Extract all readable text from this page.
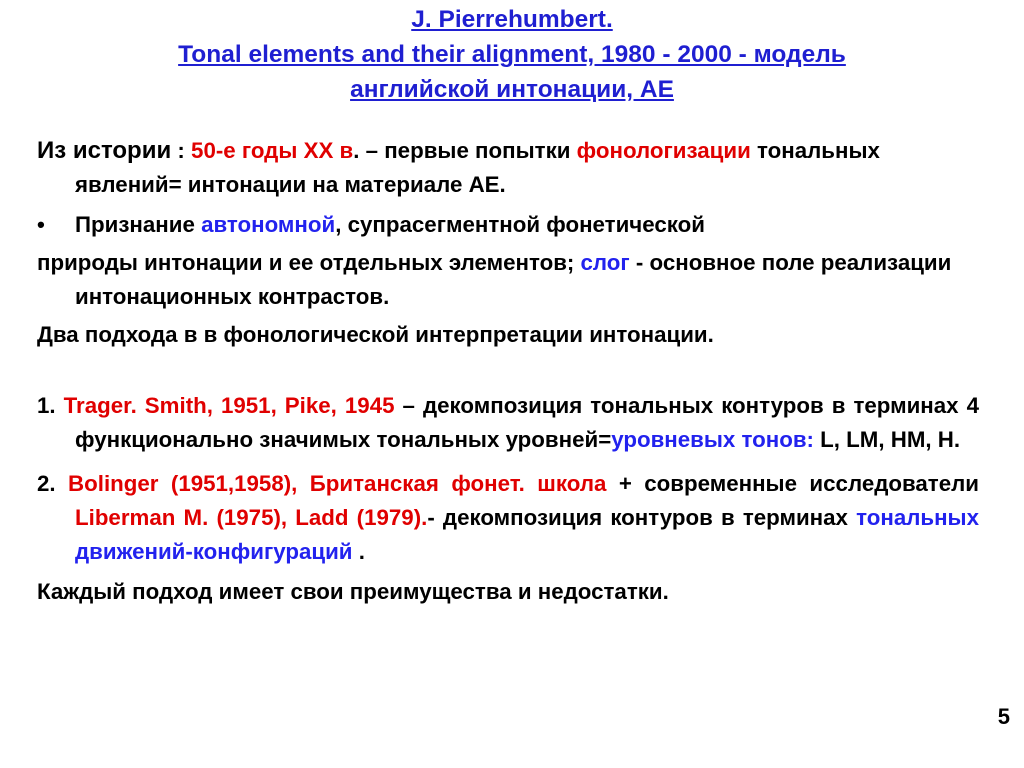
J. Pierrehumbert.
Tonal elements and their alignment, 1980 - 2000 - модель
английской интонации, АЕ

Из истории : 50-е годы XX в. – первые попытки фонологизации тональных явлений= интонации на материале АЕ.

• Признание автономной, супрасегментной фонетической

природы интонации и ее отдельных элементов; слог - основное поле реализации интонационных контрастов.

Два подхода в в фонологической интерпретации интонации.

1. Trager. Smith, 1951, Pike, 1945 – декомпозиция тональных контуров в терминах 4 функционально значимых тональных уровней=уровневых тонов: L, LM, HM, H.

2. Bolinger (1951,1958), Британская фонет. школа + современные исследователи Liberman M. (1975), Ladd (1979).- декомпозиция контуров в терминах тональных движений-конфигураций .

Каждый подход имеет свои преимущества и недостатки.

5
